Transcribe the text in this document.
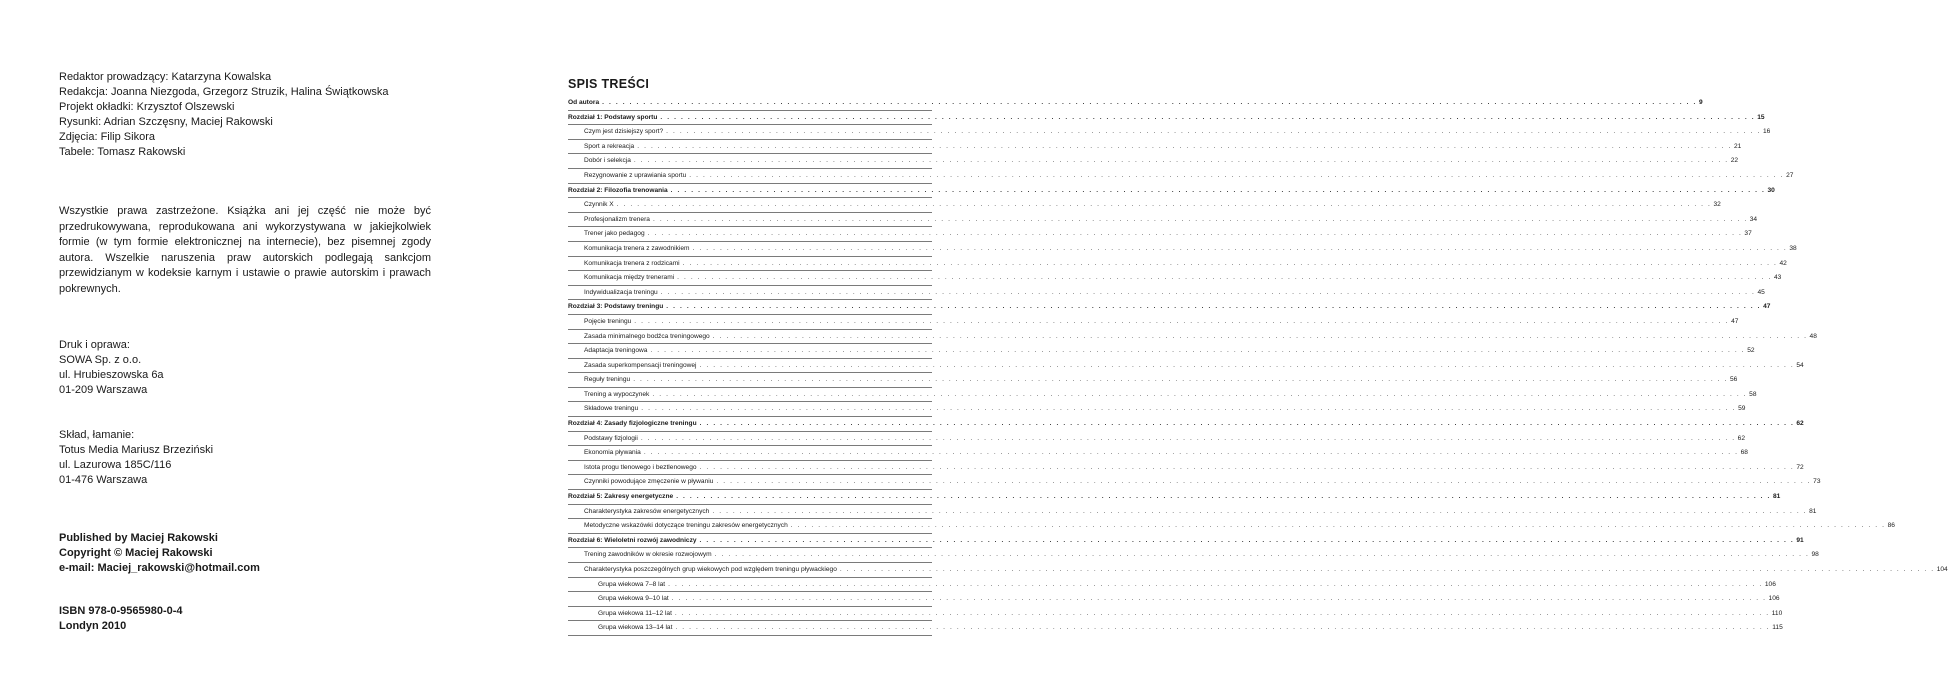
Redaktor prowadzący: Katarzyna Kowalska
Redakcja: Joanna Niezgoda, Grzegorz Struzik, Halina Świątkowska
Projekt okładki: Krzysztof Olszewski
Rysunki: Adrian Szczęsny, Maciej Rakowski
Zdjęcia: Filip Sikora
Tabele: Tomasz Rakowski
Wszystkie prawa zastrzeżone. Książka ani jej część nie może być przedrukowywana, reprodukowana ani wykorzystywana w jakiejkolwiek formie (w tym formie elektronicznej na internecie), bez pisemnej zgody autora. Wszelkie naruszenia praw autorskich podlegają sankcjom przewidzianym w kodeksie karnym i ustawie o prawie autorskim i prawach pokrewnych.
Druk i oprawa:
SOWA Sp. z o.o.
ul. Hrubieszowska 6a
01-209 Warszawa
Skład, łamanie:
Totus Media Mariusz Brzeziński
ul. Lazurowa 185C/116
01-476 Warszawa
Published by Maciej Rakowski
Copyright © Maciej Rakowski
e-mail: Maciej_rakowski@hotmail.com
ISBN 978-0-9565980-0-4
Londyn 2010
SPIS TREŚCI
Od autora . . . . . . . . . . . . . . . . . . . . . . . . . . . . . . . . . . . . . . . . . . . . . . . . . . . . . . . . . . . . . . . . . . . . . . . . . . . . . . . . . . . . . . . . . . . . . . . . . . . . . . . . . . . . . . . . . . . . . . . . . . . . . . . . . . . . . . . . . . . . . . . . . . . . . . . . . . . . . . . . 9
Rozdział 1: Podstawy sportu . . . . . . . . . . . . . . . . . . . . . . . . . . . . . . . . . . . . . . . . . . . . . . . . . . . . . . . . . . . . . . . . . . . . . . . . . . . . . . . . . . . . . . . . . . . . . . . . . . . . . . . . . . . . . . . . . . . . . . . . . . . . . . . . . . . . . . . . . . . . . . . . . . . . . . . . . . . . . . . . 15
Czym jest dzisiejszy sport? . . . . . . . . . . . . . . . . . . . . . . . . . . . . . . . . . . . . . . . . . . . . . . . . . . . . . . . . . . . . . . . . . . . . . . . . . . . . . . . . . . . . . . . . . . . . . . . . . . . . . . . . . . . . . . . . . . . . . . . . . . . . . . . . . . . . . . . . . . . . . . . . . . . . . . . . . . . . . . . . 16
Sport a rekreacja . . . . . . . . . . . . . . . . . . . . . . . . . . . . . . . . . . . . . . . . . . . . . . . . . . . . . . . . . . . . . . . . . . . . . . . . . . . . . . . . . . . . . . . . . . . . . . . . . . . . . . . . . . . . . . . . . . . . . . . . . . . . . . . . . . . . . . . . . . . . . . . . . . . . . . . . . . . . . . . . 21
Dobór i selekcja . . . . . . . . . . . . . . . . . . . . . . . . . . . . . . . . . . . . . . . . . . . . . . . . . . . . . . . . . . . . . . . . . . . . . . . . . . . . . . . . . . . . . . . . . . . . . . . . . . . . . . . . . . . . . . . . . . . . . . . . . . . . . . . . . . . . . . . . . . . . . . . . . . . . . . . . . . . . . . . . 22
Rezygnowanie z uprawiania sportu . . . . . . . . . . . . . . . . . . . . . . . . . . . . . . . . . . . . . . . . . . . . . . . . . . . . . . . . . . . . . . . . . . . . . . . . . . . . . . . . . . . . . . . . . . . . . . . . . . . . . . . . . . . . . . . . . . . . . . . . . . . . . . . . . . . . . . . . . . . . . . . . . . . . . . . . . . . . . . . . 27
Rozdział 2: Filozofia trenowania . . . . . . . . . . . . . . . . . . . . . . . . . . . . . . . . . . . . . . . . . . . . . . . . . . . . . . . . . . . . . . . . . . . . . . . . . . . . . . . . . . . . . . . . . . . . . . . . . . . . . . . . . . . . . . . . . . . . . . . . . . . . . . . . . . . . . . . . . . . . . . . . . . . . . . . . . . . . . . . . 30
Czynnik X . . . . . . . . . . . . . . . . . . . . . . . . . . . . . . . . . . . . . . . . . . . . . . . . . . . . . . . . . . . . . . . . . . . . . . . . . . . . . . . . . . . . . . . . . . . . . . . . . . . . . . . . . . . . . . . . . . . . . . . . . . . . . . . . . . . . . . . . . . . . . . . . . . . . . . . . . . . . . . . . 32
Profesjonalizm trenera . . . . . . . . . . . . . . . . . . . . . . . . . . . . . . . . . . . . . . . . . . . . . . . . . . . . . . . . . . . . . . . . . . . . . . . . . . . . . . . . . . . . . . . . . . . . . . . . . . . . . . . . . . . . . . . . . . . . . . . . . . . . . . . . . . . . . . . . . . . . . . . . . . . . . . . . . . . . . . . . 34
Trener jako pedagog . . . . . . . . . . . . . . . . . . . . . . . . . . . . . . . . . . . . . . . . . . . . . . . . . . . . . . . . . . . . . . . . . . . . . . . . . . . . . . . . . . . . . . . . . . . . . . . . . . . . . . . . . . . . . . . . . . . . . . . . . . . . . . . . . . . . . . . . . . . . . . . . . . . . . . . . . . . . . . . . 37
Komunikacja trenera z zawodnikiem . . . . . . . . . . . . . . . . . . . . . . . . . . . . . . . . . . . . . . . . . . . . . . . . . . . . . . . . . . . . . . . . . . . . . . . . . . . . . . . . . . . . . . . . . . . . . . . . . . . . . . . . . . . . . . . . . . . . . . . . . . . . . . . . . . . . . . . . . . . . . . . . . . . . . . . . . . . . . . . . 38
Komunikacja trenera z rodzicami . . . . . . . . . . . . . . . . . . . . . . . . . . . . . . . . . . . . . . . . . . . . . . . . . . . . . . . . . . . . . . . . . . . . . . . . . . . . . . . . . . . . . . . . . . . . . . . . . . . . . . . . . . . . . . . . . . . . . . . . . . . . . . . . . . . . . . . . . . . . . . . . . . . . . . . . . . . . . . . . 42
Komunikacja między trenerami . . . . . . . . . . . . . . . . . . . . . . . . . . . . . . . . . . . . . . . . . . . . . . . . . . . . . . . . . . . . . . . . . . . . . . . . . . . . . . . . . . . . . . . . . . . . . . . . . . . . . . . . . . . . . . . . . . . . . . . . . . . . . . . . . . . . . . . . . . . . . . . . . . . . . . . . . . . . . . . . 43
Indywidualizacja treningu . . . . . . . . . . . . . . . . . . . . . . . . . . . . . . . . . . . . . . . . . . . . . . . . . . . . . . . . . . . . . . . . . . . . . . . . . . . . . . . . . . . . . . . . . . . . . . . . . . . . . . . . . . . . . . . . . . . . . . . . . . . . . . . . . . . . . . . . . . . . . . . . . . . . . . . . . . . . . . . . 45
Rozdział 3: Podstawy treningu . . . . . . . . . . . . . . . . . . . . . . . . . . . . . . . . . . . . . . . . . . . . . . . . . . . . . . . . . . . . . . . . . . . . . . . . . . . . . . . . . . . . . . . . . . . . . . . . . . . . . . . . . . . . . . . . . . . . . . . . . . . . . . . . . . . . . . . . . . . . . . . . . . . . . . . . . . . . . . . . 47
Pojęcie treningu . . . . . . . . . . . . . . . . . . . . . . . . . . . . . . . . . . . . . . . . . . . . . . . . . . . . . . . . . . . . . . . . . . . . . . . . . . . . . . . . . . . . . . . . . . . . . . . . . . . . . . . . . . . . . . . . . . . . . . . . . . . . . . . . . . . . . . . . . . . . . . . . . . . . . . . . . . . . . . . . 47
Zasada minimalnego bodźca treningowego . . . . . . . . . . . . . . . . . . . . . . . . . . . . . . . . . . . . . . . . . . . . . . . . . . . . . . . . . . . . . . . . . . . . . . . . . . . . . . . . . . . . . . . . . . . . . . . . . . . . . . . . . . . . . . . . . . . . . . . . . . . . . . . . . . . . . . . . . . . . . . . . . . . . . . . . . . . . . . . . 48
Adaptacja treningowa . . . . . . . . . . . . . . . . . . . . . . . . . . . . . . . . . . . . . . . . . . . . . . . . . . . . . . . . . . . . . . . . . . . . . . . . . . . . . . . . . . . . . . . . . . . . . . . . . . . . . . . . . . . . . . . . . . . . . . . . . . . . . . . . . . . . . . . . . . . . . . . . . . . . . . . . . . . . . . . . 52
Zasada superkompensacji treningowej . . . . . . . . . . . . . . . . . . . . . . . . . . . . . . . . . . . . . . . . . . . . . . . . . . . . . . . . . . . . . . . . . . . . . . . . . . . . . . . . . . . . . . . . . . . . . . . . . . . . . . . . . . . . . . . . . . . . . . . . . . . . . . . . . . . . . . . . . . . . . . . . . . . . . . . . . . . . . . . . 54
Reguły treningu . . . . . . . . . . . . . . . . . . . . . . . . . . . . . . . . . . . . . . . . . . . . . . . . . . . . . . . . . . . . . . . . . . . . . . . . . . . . . . . . . . . . . . . . . . . . . . . . . . . . . . . . . . . . . . . . . . . . . . . . . . . . . . . . . . . . . . . . . . . . . . . . . . . . . . . . . . . . . . . . 56
Trening a wypoczynek . . . . . . . . . . . . . . . . . . . . . . . . . . . . . . . . . . . . . . . . . . . . . . . . . . . . . . . . . . . . . . . . . . . . . . . . . . . . . . . . . . . . . . . . . . . . . . . . . . . . . . . . . . . . . . . . . . . . . . . . . . . . . . . . . . . . . . . . . . . . . . . . . . . . . . . . . . . . . . . . 58
Składowe treningu . . . . . . . . . . . . . . . . . . . . . . . . . . . . . . . . . . . . . . . . . . . . . . . . . . . . . . . . . . . . . . . . . . . . . . . . . . . . . . . . . . . . . . . . . . . . . . . . . . . . . . . . . . . . . . . . . . . . . . . . . . . . . . . . . . . . . . . . . . . . . . . . . . . . . . . . . . . . . . . . 59
Rozdział 4: Zasady fizjologiczne treningu . . . . . . . . . . . . . . . . . . . . . . . . . . . . . . . . . . . . . . . . . . . . . . . . . . . . . . . . . . . . . . . . . . . . . . . . . . . . . . . . . . . . . . . . . . . . . . . . . . . . . . . . . . . . . . . . . . . . . . . . . . . . . . . . . . . . . . . . . . . . . . . . . . . . . . . . . . . . . . . . 62
Podstawy fizjologii . . . . . . . . . . . . . . . . . . . . . . . . . . . . . . . . . . . . . . . . . . . . . . . . . . . . . . . . . . . . . . . . . . . . . . . . . . . . . . . . . . . . . . . . . . . . . . . . . . . . . . . . . . . . . . . . . . . . . . . . . . . . . . . . . . . . . . . . . . . . . . . . . . . . . . . . . . . . . . . . 62
Ekonomia pływania . . . . . . . . . . . . . . . . . . . . . . . . . . . . . . . . . . . . . . . . . . . . . . . . . . . . . . . . . . . . . . . . . . . . . . . . . . . . . . . . . . . . . . . . . . . . . . . . . . . . . . . . . . . . . . . . . . . . . . . . . . . . . . . . . . . . . . . . . . . . . . . . . . . . . . . . . . . . . . . . 68
Istota progu tlenowego i beztlenowego . . . . . . . . . . . . . . . . . . . . . . . . . . . . . . . . . . . . . . . . . . . . . . . . . . . . . . . . . . . . . . . . . . . . . . . . . . . . . . . . . . . . . . . . . . . . . . . . . . . . . . . . . . . . . . . . . . . . . . . . . . . . . . . . . . . . . . . . . . . . . . . . . . . . . . . . . . . . . . . . 72
Czynniki powodujące zmęczenie w pływaniu . . . . . . . . . . . . . . . . . . . . . . . . . . . . . . . . . . . . . . . . . . . . . . . . . . . . . . . . . . . . . . . . . . . . . . . . . . . . . . . . . . . . . . . . . . . . . . . . . . . . . . . . . . . . . . . . . . . . . . . . . . . . . . . . . . . . . . . . . . . . . . . . . . . . . . . . . . . . . . . . 73
Rozdział 5: Zakresy energetyczne . . . . . . . . . . . . . . . . . . . . . . . . . . . . . . . . . . . . . . . . . . . . . . . . . . . . . . . . . . . . . . . . . . . . . . . . . . . . . . . . . . . . . . . . . . . . . . . . . . . . . . . . . . . . . . . . . . . . . . . . . . . . . . . . . . . . . . . . . . . . . . . . . . . . . . . . . . . . . . . . 81
Charakterystyka zakresów energetycznych . . . . . . . . . . . . . . . . . . . . . . . . . . . . . . . . . . . . . . . . . . . . . . . . . . . . . . . . . . . . . . . . . . . . . . . . . . . . . . . . . . . . . . . . . . . . . . . . . . . . . . . . . . . . . . . . . . . . . . . . . . . . . . . . . . . . . . . . . . . . . . . . . . . . . . . . . . . . . . . . 81
Metodyczne wskazówki dotyczące treningu zakresów energetycznych . . . . . . . . . . . . . . . . . . . . . . . . . . . . . . . . . . . . . . . . . . . . . . . . . . . . . . . . . . . . . . . . . . . . . . . . . . . . . . . . . . . . . . . . . . . . . . . . . . . . . . . . . . . . . . . . . . . . . . . . . . . . . . . . . . . . . . . . . . . . . . . . . . . . . . . . . . . . . . . . 86
Rozdział 6: Wieloletni rozwój zawodniczy . . . . . . . . . . . . . . . . . . . . . . . . . . . . . . . . . . . . . . . . . . . . . . . . . . . . . . . . . . . . . . . . . . . . . . . . . . . . . . . . . . . . . . . . . . . . . . . . . . . . . . . . . . . . . . . . . . . . . . . . . . . . . . . . . . . . . . . . . . . . . . . . . . . . . . . . . . . . . . . . 91
Trening zawodników w okresie rozwojowym . . . . . . . . . . . . . . . . . . . . . . . . . . . . . . . . . . . . . . . . . . . . . . . . . . . . . . . . . . . . . . . . . . . . . . . . . . . . . . . . . . . . . . . . . . . . . . . . . . . . . . . . . . . . . . . . . . . . . . . . . . . . . . . . . . . . . . . . . . . . . . . . . . . . . . . . . . . . . . . . 98
Charakterystyka poszczególnych grup wiekowych pod względem treningu pływackiego . . . . . . . . . . . . . . . . . . . . . . . . . . . . . . . . . . . . . . . . . . . . . . . . . . . . . . . . . . . . . . . . . . . . . . . . . . . . . . . . . . . . . . . . . . . . . . . . . . . . . . . . . . . . . . . . . . . . . . . . . . . . . . . . . . . . . . . . . . . . . . . . . . . . . . . . . . . . . . . . 104
Grupa wiekowa 7–8 lat . . . . . . . . . . . . . . . . . . . . . . . . . . . . . . . . . . . . . . . . . . . . . . . . . . . . . . . . . . . . . . . . . . . . . . . . . . . . . . . . . . . . . . . . . . . . . . . . . . . . . . . . . . . . . . . . . . . . . . . . . . . . . . . . . . . . . . . . . . . . . . . . . . . . . . . . . . . . . . . . 106
Grupa wiekowa 9–10 lat . . . . . . . . . . . . . . . . . . . . . . . . . . . . . . . . . . . . . . . . . . . . . . . . . . . . . . . . . . . . . . . . . . . . . . . . . . . . . . . . . . . . . . . . . . . . . . . . . . . . . . . . . . . . . . . . . . . . . . . . . . . . . . . . . . . . . . . . . . . . . . . . . . . . . . . . . . . . . . . . 106
Grupa wiekowa 11–12 lat . . . . . . . . . . . . . . . . . . . . . . . . . . . . . . . . . . . . . . . . . . . . . . . . . . . . . . . . . . . . . . . . . . . . . . . . . . . . . . . . . . . . . . . . . . . . . . . . . . . . . . . . . . . . . . . . . . . . . . . . . . . . . . . . . . . . . . . . . . . . . . . . . . . . . . . . . . . . . . . . 110
Grupa wiekowa 13–14 lat . . . . . . . . . . . . . . . . . . . . . . . . . . . . . . . . . . . . . . . . . . . . . . . . . . . . . . . . . . . . . . . . . . . . . . . . . . . . . . . . . . . . . . . . . . . . . . . . . . . . . . . . . . . . . . . . . . . . . . . . . . . . . . . . . . . . . . . . . . . . . . . . . . . . . . . . . . . . . . . . 115
